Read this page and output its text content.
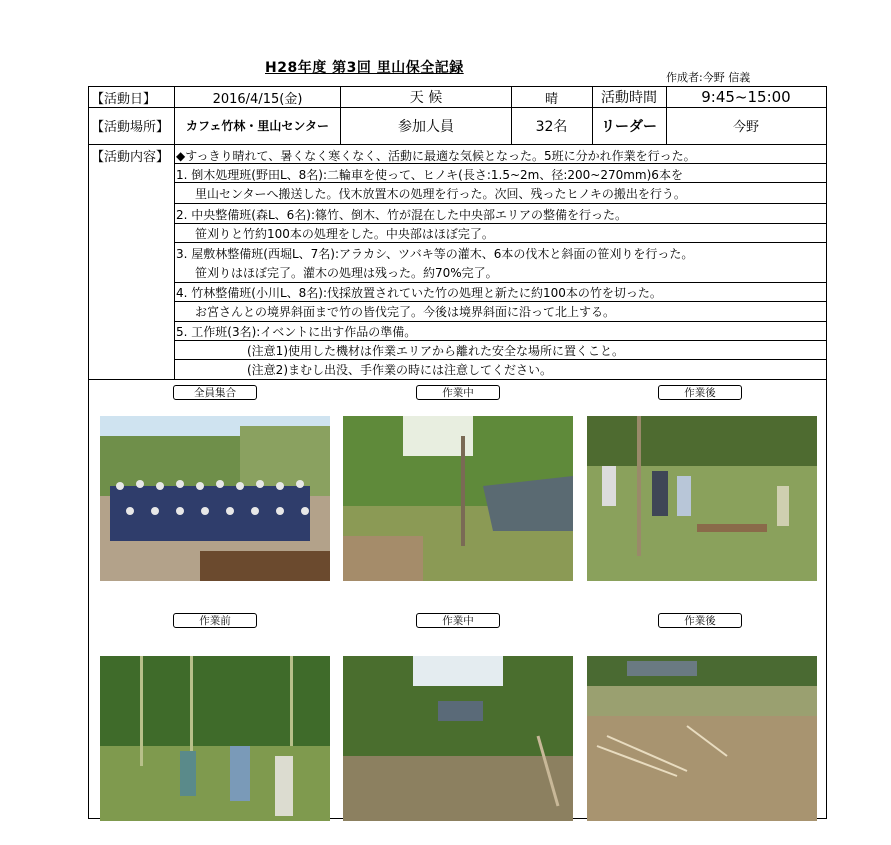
H28年度 第3回 里山保全記録
作成者:今野 信義
【活動日】	2016/4/15(金)	天 候	晴	活動時間	9:45~15:00
【活動場所】	カフェ竹林・里山センター	参加人員	32名	リーダー	今野
【活動内容】 ◆すっきり晴れて、暑くなく寒くなく、活動に最適な気候となった。5班に分かれ作業を行った。
1. 倒木処理班(野田L、8名):二輪車を使って、ヒノキ(長さ:1.5~2m、径:200~270mm)6本を
里山センターへ搬送した。伐木放置木の処理を行った。次回、残ったヒノキの搬出を行う。
2. 中央整備班(森L、6名):篠竹、倒木、竹が混在した中央部エリアの整備を行った。
笹刈りと竹約100本の処理をした。中央部はほぼ完了。
3. 屋敷林整備班(西堀L、7名):アラカシ、ツバキ等の灌木、6本の伐木と斜面の笹刈りを行った。
笹刈りはほぼ完了。灌木の処理は残った。約70%完了。
4. 竹林整備班(小川L、8名):伐採放置されていた竹の処理と新たに約100本の竹を切った。
お宮さんとの境界斜面まで竹の皆伐完了。今後は境界斜面に沿って北上する。
5. 工作班(3名):イベントに出す作品の準備。
(注意1)使用した機材は作業エリアから離れた安全な場所に置くこと。
(注意2)まむし出没、手作業の時には注意してください。
全員集合	作業中	作業後
作業前	作業中	作業後
